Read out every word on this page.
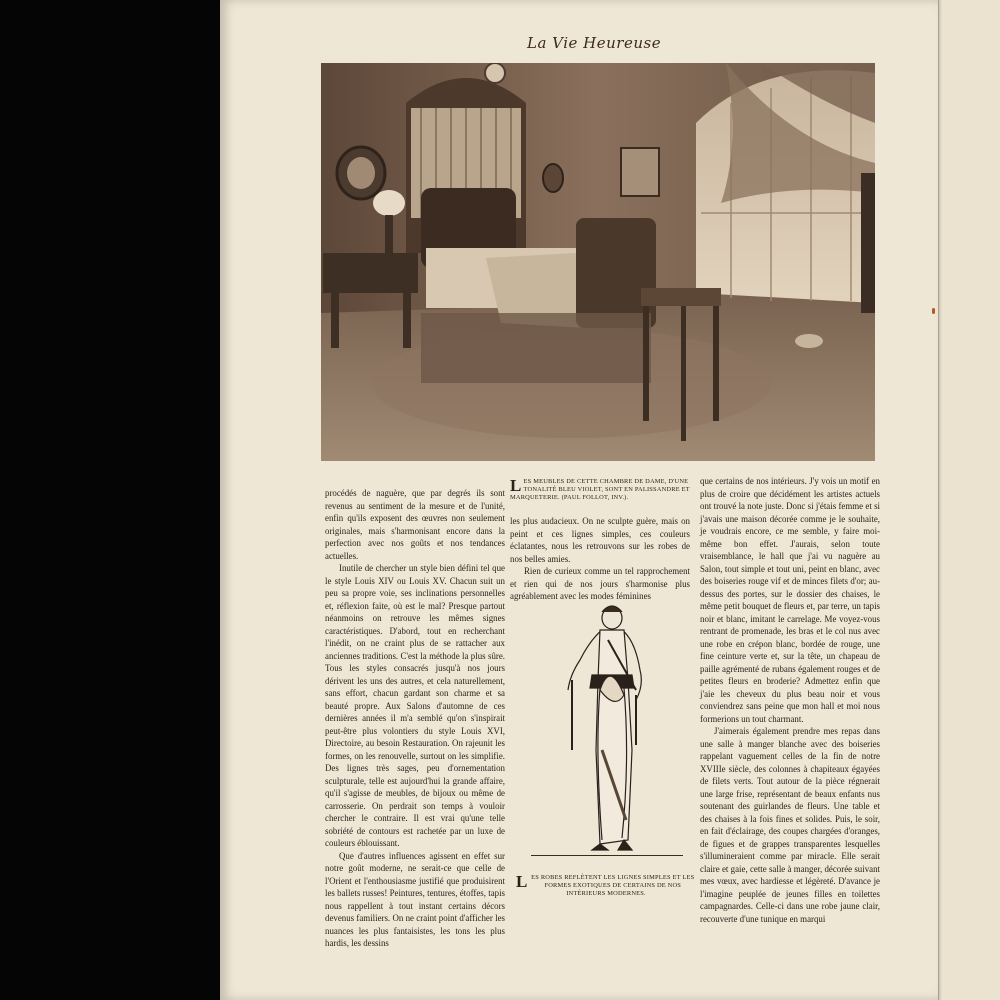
La Vie Heureuse
LES MEUBLES DE CETTE CHAMBRE DE DAME, D'UNE TONALITÉ BLEU VIOLET, SONT EN PALISSANDRE ET MARQUETERIE. (PAUL FOLLOT, INV.).

procédés de naguère, que par degrés ils sont revenus au sentiment de la mesure et de l'unité, enfin qu'ils exposent des œuvres non seulement originales, mais s'harmonisant encore dans la perfection avec nos goûts et nos tendances actuelles.

Inutile de chercher un style bien défini tel que le style Louis XIV ou Louis XV. Chacun suit un peu sa propre voie, ses inclinations personnelles et, réflexion faite, où est le mal? Presque partout néanmoins on retrouve les mêmes signes caractéristiques. D'abord, tout en recherchant l'inédit, on ne craint plus de se rattacher aux anciennes traditions. C'est la méthode la plus sûre. Tous les styles consacrés jusqu'à nos jours dérivent les uns des autres, et cela naturellement, sans effort, chacun gardant son charme et sa beauté propre. Aux Salons d'automne de ces dernières années il m'a semblé qu'on s'inspirait peut-être plus volontiers du style Louis XVI, Directoire, au besoin Restauration. On rajeunit les formes, on les renouvelle, surtout on les simplifie. Des lignes très sages, peu d'ornementation sculpturale, telle est aujourd'hui la grande affaire, qu'il s'agisse de meubles, de bijoux ou même de carrosserie. On perdrait son temps à vouloir chercher le contraire. Il est vrai qu'une telle sobriété de contours est rachetée par un luxe de couleurs éblouissant.

Que d'autres influences agissent en effet sur notre goût moderne, ne serait-ce que celle de l'Orient et l'enthousiasme justifié que produisirent les ballets russes! Peintures, tentures, étoffes, tapis nous rappellent à tout instant certains décors devenus familiers. On ne craint point d'afficher les nuances les plus fantaisistes, les tons les plus hardis, les dessins

les plus audacieux. On ne sculpte guère, mais on peint et ces lignes simples, ces couleurs éclatantes, nous les retrouvons sur les robes de nos belles amies.

Rien de curieux comme un tel rapprochement et rien qui de nos jours s'harmonise plus agréablement avec les modes féminines

LES ROBES REFLÈTENT LES LIGNES SIMPLES ET LES FORMES EXOTIQUES DE CERTAINS DE NOS INTÉRIEURS MODERNES.

que certains de nos intérieurs. J'y vois un motif en plus de croire que décidément les artistes actuels ont trouvé la note juste. Donc si j'étais femme et si j'avais une maison décorée comme je le souhaite, je voudrais encore, ce me semble, y faire moi-même bon effet. J'aurais, selon toute vraisemblance, le hall que j'ai vu naguère au Salon, tout simple et tout uni, peint en blanc, avec des boiseries rouge vif et de minces filets d'or; au-dessus des portes, sur le dossier des chaises, le même petit bouquet de fleurs et, par terre, un tapis noir et blanc, imitant le carrelage. Me voyez-vous rentrant de promenade, les bras et le col nus avec une robe en crépon blanc, bordée de rouge, une fine ceinture verte et, sur la tête, un chapeau de paille agrémenté de rubans également rouges et de petites fleurs en broderie? Admettez enfin que j'aie les cheveux du plus beau noir et vous conviendrez sans peine que mon hall et moi nous formerions un tout charmant.

J'aimerais également prendre mes repas dans une salle à manger blanche avec des boiseries rappelant vaguement celles de la fin de notre XVIIIe siècle, des colonnes à chapiteaux égayées de filets verts. Tout autour de la pièce régnerait une large frise, représentant de beaux enfants nus soutenant des guirlandes de fleurs. Une table et des chaises à la fois fines et solides. Puis, le soir, en fait d'éclairage, des coupes chargées d'oranges, de figues et de grappes transparentes lesquelles s'illumineraient comme par miracle. Elle serait claire et gaie, cette salle à manger, décorée suivant mes vœux, avec hardiesse et légèreté. D'avance je l'imagine peuplée de jeunes filles en toilettes campagnardes. Celle-ci dans une robe jaune clair, recouverte d'une tunique en marqui
